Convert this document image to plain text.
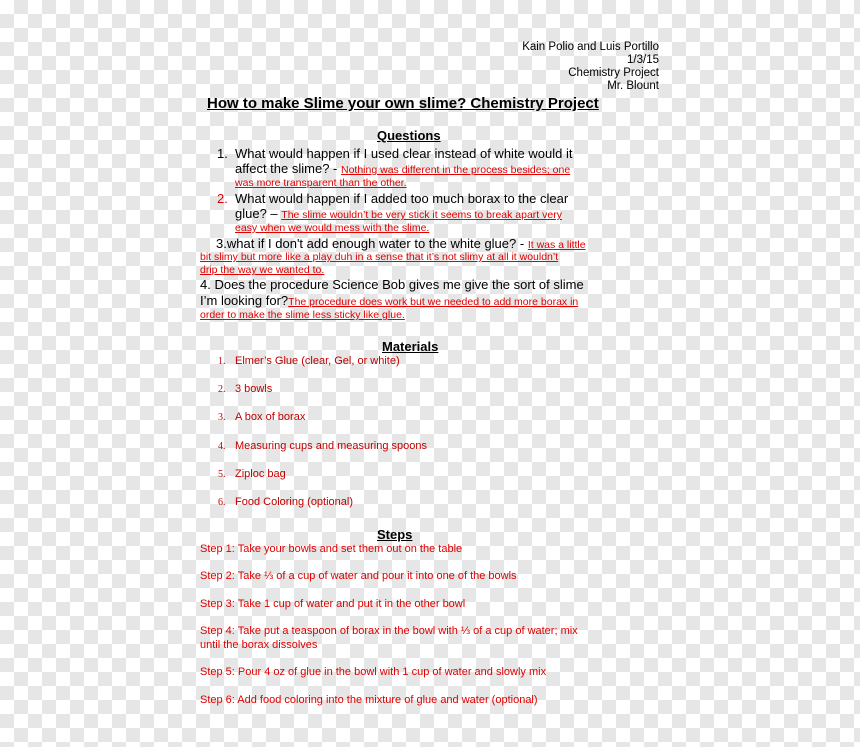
Kain Polio and Luis Portillo
1/3/15
Chemistry Project
Mr. Blount
How to make Slime your own slime? Chemistry Project
Questions
1. What would happen if I used clear instead of white would it
affect the slime? - Nothing was different in the process besides; one
was more transparent than the other.
2. What would happen if I added too much borax to the clear
glue? – The slime wouldn’t be very stick it seems to break apart very
easy when we would mess with the slime.
3.what if I don't add enough water to the white glue? - It was a little
bit slimy but more like a play duh in a sense that it’s not slimy at all it wouldn’t
drip the way we wanted to.
4. Does the procedure Science Bob gives me give the sort of slime
I’m looking for?The procedure does work but we needed to add more borax in
order to make the slime less sticky like glue.
Materials
1. Elmer’s Glue (clear, Gel, or white)
2. 3 bowls
3. A box of borax
4. Measuring cups and measuring spoons
5. Ziploc bag
6. Food Coloring (optional)
Steps
Step 1: Take your bowls and set them out on the table
Step 2: Take ⅓ of a cup of water and pour it into one of the bowls
Step 3: Take 1 cup of water and put it in the other bowl
Step 4: Take put a teaspoon of borax in the bowl with ⅓ of a cup of water; mix
until the borax dissolves
Step 5: Pour 4 oz of glue in the bowl with 1 cup of water and slowly mix
Step 6: Add food coloring into the mixture of glue and water (optional)
